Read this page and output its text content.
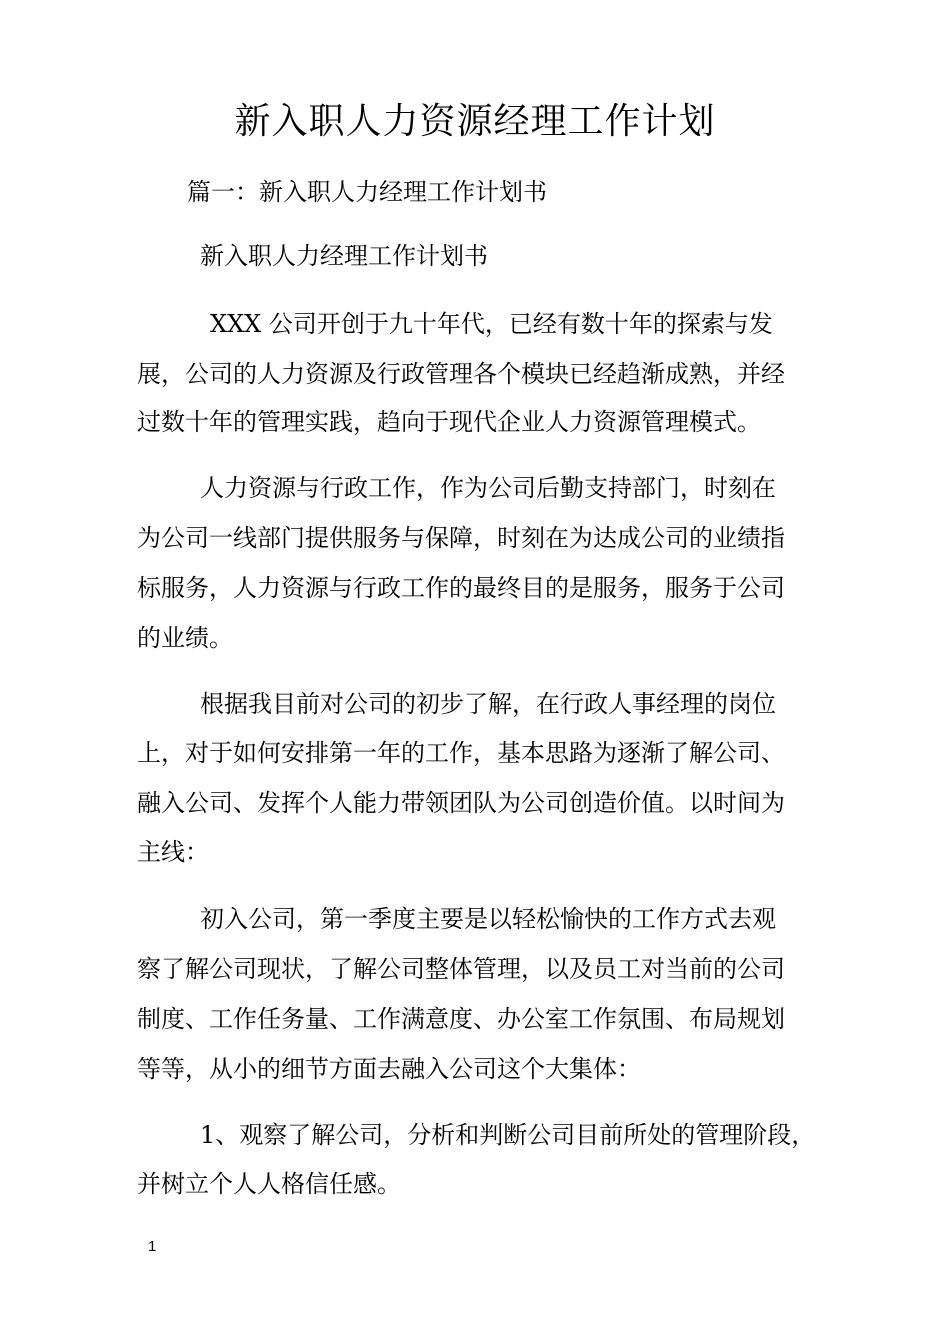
新入职人力资源经理工作计划
篇一：新入职人力经理工作计划书
新入职人力经理工作计划书
XXX 公司开创于九十年代，已经有数十年的探索与发
展，公司的人力资源及行政管理各个模块已经趋渐成熟，并经
过数十年的管理实践，趋向于现代企业人力资源管理模式。
人力资源与行政工作，作为公司后勤支持部门，时刻在
为公司一线部门提供服务与保障，时刻在为达成公司的业绩指
标服务，人力资源与行政工作的最终目的是服务，服务于公司
的业绩。
根据我目前对公司的初步了解，在行政人事经理的岗位
上，对于如何安排第一年的工作，基本思路为逐渐了解公司、
融入公司、发挥个人能力带领团队为公司创造价值。以时间为
主线：
初入公司，第一季度主要是以轻松愉快的工作方式去观
察了解公司现状，了解公司整体管理，以及员工对当前的公司
制度、工作任务量、工作满意度、办公室工作氛围、布局规划
等等，从小的细节方面去融入公司这个大集体：
1、观察了解公司，分析和判断公司目前所处的管理阶段，
并树立个人人格信任感。
1
